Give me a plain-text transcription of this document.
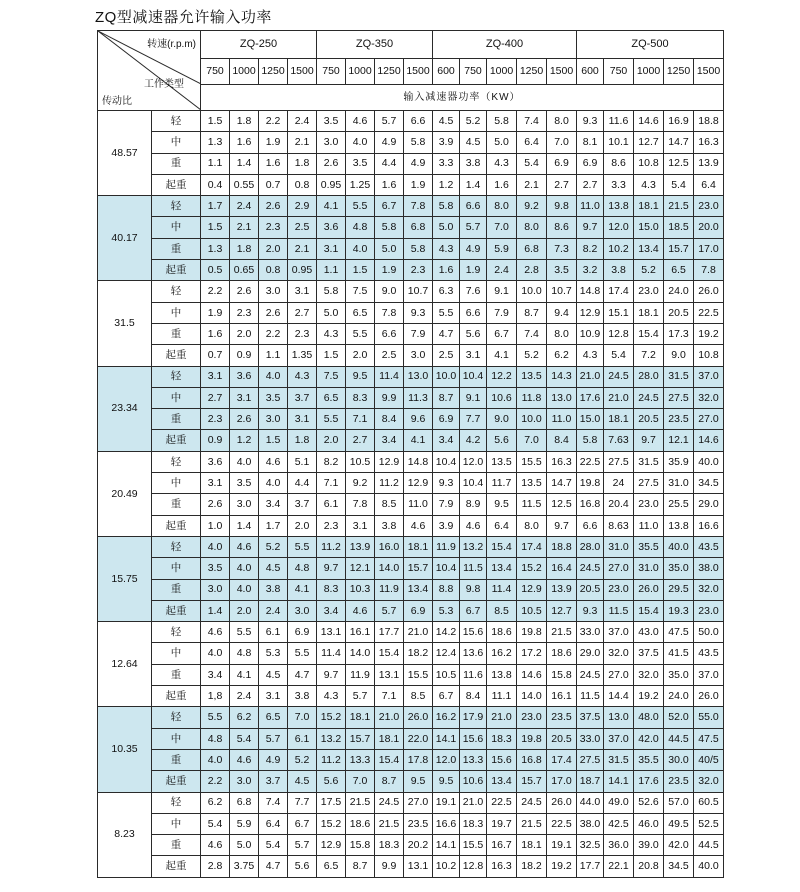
ZQ型减速器允许输入功率
转速(r.p.m)
工作类型
传动比		ZQ-250				ZQ-350				ZQ-400					ZQ-500				
		750	1000	1250	1500	750	1000	1250	1500	600	750	1000	1250	1500	600	750	1000	1250	1500
		输入减速器功率（KW）																	
48.57	轻	1.5	1.8	2.2	2.4	3.5	4.6	5.7	6.6	4.5	5.2	5.8	7.4	8.0	9.3	11.6	14.6	16.9	18.8
	中	1.3	1.6	1.9	2.1	3.0	4.0	4.9	5.8	3.9	4.5	5.0	6.4	7.0	8.1	10.1	12.7	14.7	16.3
	重	1.1	1.4	1.6	1.8	2.6	3.5	4.4	4.9	3.3	3.8	4.3	5.4	6.9	6.9	8.6	10.8	12.5	13.9
	起重	0.4	0.55	0.7	0.8	0.95	1.25	1.6	1.9	1.2	1.4	1.6	2.1	2.7	2.7	3.3	4.3	5.4	6.4
40.17	轻	1.7	2.4	2.6	2.9	4.1	5.5	6.7	7.8	5.8	6.6	8.0	9.2	9.8	11.0	13.8	18.1	21.5	23.0
	中	1.5	2.1	2.3	2.5	3.6	4.8	5.8	6.8	5.0	5.7	7.0	8.0	8.6	9.7	12.0	15.0	18.5	20.0
	重	1.3	1.8	2.0	2.1	3.1	4.0	5.0	5.8	4.3	4.9	5.9	6.8	7.3	8.2	10.2	13.4	15.7	17.0
	起重	0.5	0.65	0.8	0.95	1.1	1.5	1.9	2.3	1.6	1.9	2.4	2.8	3.5	3.2	3.8	5.2	6.5	7.8
31.5	轻	2.2	2.6	3.0	3.1	5.8	7.5	9.0	10.7	6.3	7.6	9.1	10.0	10.7	14.8	17.4	23.0	24.0	26.0
	中	1.9	2.3	2.6	2.7	5.0	6.5	7.8	9.3	5.5	6.6	7.9	8.7	9.4	12.9	15.1	18.1	20.5	22.5
	重	1.6	2.0	2.2	2.3	4.3	5.5	6.6	7.9	4.7	5.6	6.7	7.4	8.0	10.9	12.8	15.4	17.3	19.2
	起重	0.7	0.9	1.1	1.35	1.5	2.0	2.5	3.0	2.5	3.1	4.1	5.2	6.2	4.3	5.4	7.2	9.0	10.8
23.34	轻	3.1	3.6	4.0	4.3	7.5	9.5	11.4	13.0	10.0	10.4	12.2	13.5	14.3	21.0	24.5	28.0	31.5	37.0
	中	2.7	3.1	3.5	3.7	6.5	8.3	9.9	11.3	8.7	9.1	10.6	11.8	13.0	17.6	21.0	24.5	27.5	32.0
	重	2.3	2.6	3.0	3.1	5.5	7.1	8.4	9.6	6.9	7.7	9.0	10.0	11.0	15.0	18.1	20.5	23.5	27.0
	起重	0.9	1.2	1.5	1.8	2.0	2.7	3.4	4.1	3.4	4.2	5.6	7.0	8.4	5.8	7.63	9.7	12.1	14.6
20.49	轻	3.6	4.0	4.6	5.1	8.2	10.5	12.9	14.8	10.4	12.0	13.5	15.5	16.3	22.5	27.5	31.5	35.9	40.0
	中	3.1	3.5	4.0	4.4	7.1	9.2	11.2	12.9	9.3	10.4	11.7	13.5	14.7	19.8	24	27.5	31.0	34.5
	重	2.6	3.0	3.4	3.7	6.1	7.8	8.5	11.0	7.9	8.9	9.5	11.5	12.5	16.8	20.4	23.0	25.5	29.0
	起重	1.0	1.4	1.7	2.0	2.3	3.1	3.8	4.6	3.9	4.6	6.4	8.0	9.7	6.6	8.63	11.0	13.8	16.6
15.75	轻	4.0	4.6	5.2	5.5	11.2	13.9	16.0	18.1	11.9	13.2	15.4	17.4	18.8	28.0	31.0	35.5	40.0	43.5
	中	3.5	4.0	4.5	4.8	9.7	12.1	14.0	15.7	10.4	11.5	13.4	15.2	16.4	24.5	27.0	31.0	35.0	38.0
	重	3.0	4.0	3.8	4.1	8.3	10.3	11.9	13.4	8.8	9.8	11.4	12.9	13.9	20.5	23.0	26.0	29.5	32.0
	起重	1.4	2.0	2.4	3.0	3.4	4.6	5.7	6.9	5.3	6.7	8.5	10.5	12.7	9.3	11.5	15.4	19.3	23.0
12.64	轻	4.6	5.5	6.1	6.9	13.1	16.1	17.7	21.0	14.2	15.6	18.6	19.8	21.5	33.0	37.0	43.0	47.5	50.0
	中	4.0	4.8	5.3	5.5	11.4	14.0	15.4	18.2	12.4	13.6	16.2	17.2	18.6	29.0	32.0	37.5	41.5	43.5
	重	3.4	4.1	4.5	4.7	9.7	11.9	13.1	15.5	10.5	11.6	13.8	14.6	15.8	24.5	27.0	32.0	35.0	37.0
	起重	1,8	2.4	3.1	3.8	4.3	5.7	7.1	8.5	6.7	8.4	11.1	14.0	16.1	11.5	14.4	19.2	24.0	26.0
10.35	轻	5.5	6.2	6.5	7.0	15.2	18.1	21.0	26.0	16.2	17.9	21.0	23.0	23.5	37.5	13.0	48.0	52.0	55.0
	中	4.8	5.4	5.7	6.1	13.2	15.7	18.1	22.0	14.1	15.6	18.3	19.8	20.5	33.0	37.0	42.0	44.5	47.5
	重	4.0	4.6	4.9	5.2	11.2	13.3	15.4	17.8	12.0	13.3	15.6	16.8	17.4	27.5	31.5	35.5	30.0	40/5
	起重	2.2	3.0	3.7	4.5	5.6	7.0	8.7	9.5	9.5	10.6	13.4	15.7	17.0	18.7	14.1	17.6	23.5	32.0
8.23	轻	6.2	6.8	7.4	7.7	17.5	21.5	24.5	27.0	19.1	21.0	22.5	24.5	26.0	44.0	49.0	52.6	57.0	60.5
	中	5.4	5.9	6.4	6.7	15.2	18.6	21.5	23.5	16.6	18.3	19.7	21.5	22.5	38.0	42.5	46.0	49.5	52.5
	重	4.6	5.0	5.4	5.7	12.9	15.8	18.3	20.2	14.1	15.5	16.7	18.1	19.1	32.5	36.0	39.0	42.0	44.5
	起重	2.8	3.75	4.7	5.6	6.5	8.7	9.9	13.1	10.2	12.8	16.3	18.2	19.2	17.7	22.1	20.8	34.5	40.0
